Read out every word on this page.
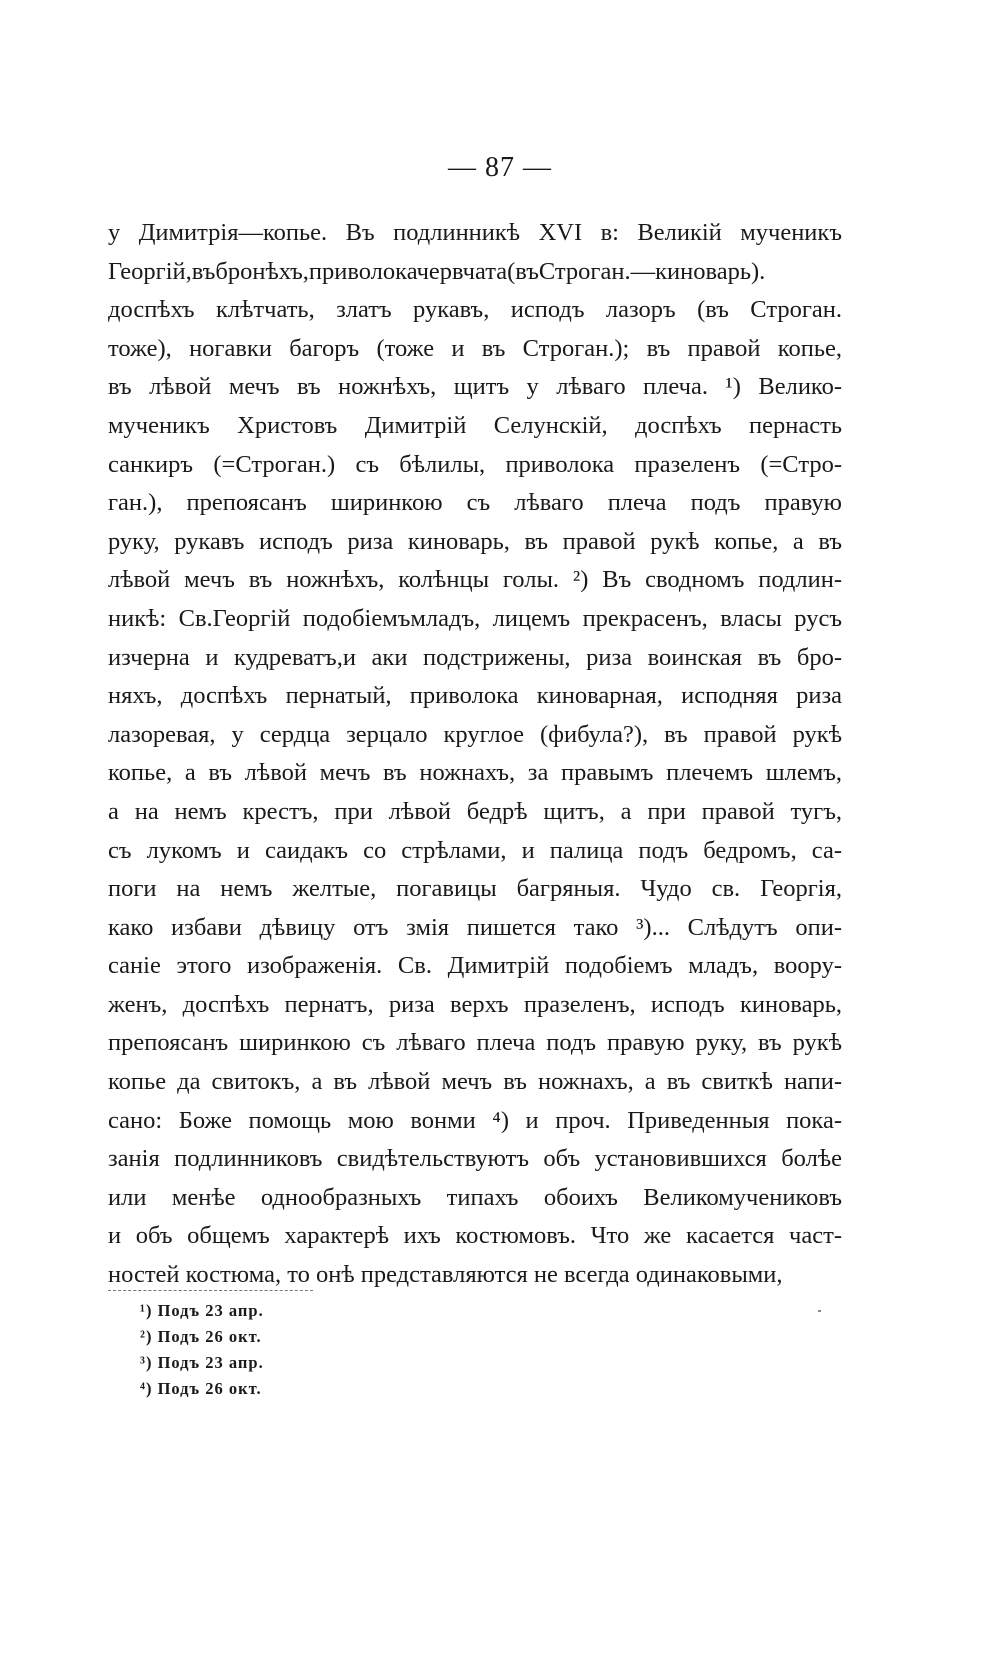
— 87 —
у Димитрія—копье. Въ подлинникѣ XVI в: Великій мученикъ
Георгій,въбронѣхъ,приволокачервчата(въСтроган.—киноварь).
доспѣхъ клѣтчать, златъ рукавъ, исподъ лазоръ (въ Строган.
тоже), ногавки багоръ (тоже и въ Строган.); въ правой копье,
въ лѣвой мечъ въ ножнѣхъ, щитъ у лѣваго плеча. ¹) Велико-
мученикъ Христовъ Димитрій Селунскій, доспѣхъ пернасть
санкиръ (=Строган.) съ бѣлилы, приволока празеленъ (=Стро-
ган.), препоясанъ ширинкою съ лѣваго плеча подъ правую
руку, рукавъ исподъ риза киноварь, въ правой рукѣ копье, а въ
лѣвой мечъ въ ножнѣхъ, колѣнцы голы. ²) Въ сводномъ подлин-
никѣ: Св.Георгій подобіемъмладъ, лицемъ прекрасенъ, власы русъ
изчерна и кудреватъ,и аки подстрижены, риза воинская въ бро-
няхъ, доспѣхъ пернатый, приволока киноварная, исподняя риза
лазоревая, у сердца зерцало круглое (фибула?), въ правой рукѣ
копье, а въ лѣвой мечъ въ ножнахъ, за правымъ плечемъ шлемъ,
а на немъ крестъ, при лѣвой бедрѣ щитъ, а при правой тугъ,
съ лукомъ и саидакъ со стрѣлами, и палица подъ бедромъ, са-
поги на немъ желтые, погавицы багряныя. Чудо св. Георгія,
како избави дѣвицу отъ змія пишется тако ³)... Слѣдутъ опи-
саніе этого изображенія. Св. Димитрій подобіемъ младъ, воору-
женъ, доспѣхъ пернатъ, риза верхъ празеленъ, исподъ киноварь,
препоясанъ ширинкою съ лѣваго плеча подъ правую руку, въ рукѣ
копье да свитокъ, а въ лѣвой мечъ въ ножнахъ, а въ свиткѣ напи-
сано: Боже помощь мою вонми ⁴) и проч. Приведенныя пока-
занія подлинниковъ свидѣтельствуютъ объ установившихся болѣе
или менѣе однообразныхъ типахъ обоихъ Великомучениковъ
и объ общемъ характерѣ ихъ костюмовъ. Что же касается част-
ностей костюма, то онѣ представляются не всегда одинаковыми,
¹) Подъ 23 апр.
²) Подъ 26 окт.
³) Подъ 23 апр.
⁴) Подъ 26 окт.
